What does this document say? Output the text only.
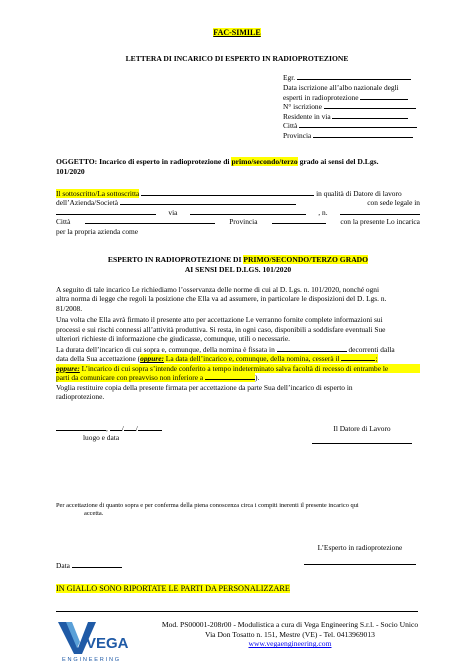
FAC-SIMILE
LETTERA DI INCARICO DI ESPERTO IN RADIOPROTEZIONE
Egr.
Data iscrizione all’albo nazionale degli
esperti in radioprotezione
N° iscrizione
Residente in via
Città
Provincia
OGGETTO: Incarico di esperto in radioprotezione di primo/secondo/terzo grado ai sensi del D.Lgs.
101/2020
Il sottoscritto/La sottoscritta	in qualità di Datore di lavoro
dell’Azienda/Società	con sede legale in
via	, n.
Città	Provincia	con la presente Lo incarica
per la propria azienda come
ESPERTO IN RADIOPROTEZIONE DI PRIMO/SECONDO/TERZO GRADO
AI SENSI DEL D.LGS. 101/2020
A seguito di tale incarico Le richiediamo l’osservanza delle norme di cui al D. Lgs. n. 101/2020, nonché ogni
altra norma di legge che regoli la posizione che Ella va ad assumere, in particolare le disposizioni del D. Lgs. n.
81/2008.
Una volta che Ella avrà firmato il presente atto per accettazione Le verranno fornite complete informazioni sui
processi e sui rischi connessi all’attività produttiva. Si resta, in ogni caso, disponibili a soddisfare eventuali Sue
ulteriori richieste di informazione che giudicasse, comunque, utili o necessarie.
La durata dell’incarico di cui sopra e, comunque, della nomina è fissata in	decorrenti dalla
data della Sua accettazione (oppure: La data dell’incarico e, comunque, della nomina, cesserà il	;
oppure: L’incarico di cui sopra s’intende conferito a tempo indeterminato salva facoltà di recesso di entrambe le
parti da comunicare con preavviso non inferiore a	).
Voglia restituire copia della presente firmata per accettazione da parte Sua dell’incarico di esperto in
radioprotezione.
, / /
luogo e data
Il Datore di Lavoro
Per accettazione di quanto sopra e per conferma della piena conoscenza circa i compiti inerenti il presente incarico qui
accetta.
L’Esperto in radioprotezione
Data
IN GIALLO SONO RIPORTATE LE PARTI DA PERSONALIZZARE
VEGA
ENGINEERING
Mod. PS00001-208r00 - Modulistica a cura di Vega Engineering S.r.l. - Socio Unico
Via Don Tosatto n. 151, Mestre (VE) - Tel. 0413969013
www.vegaengineering.com
